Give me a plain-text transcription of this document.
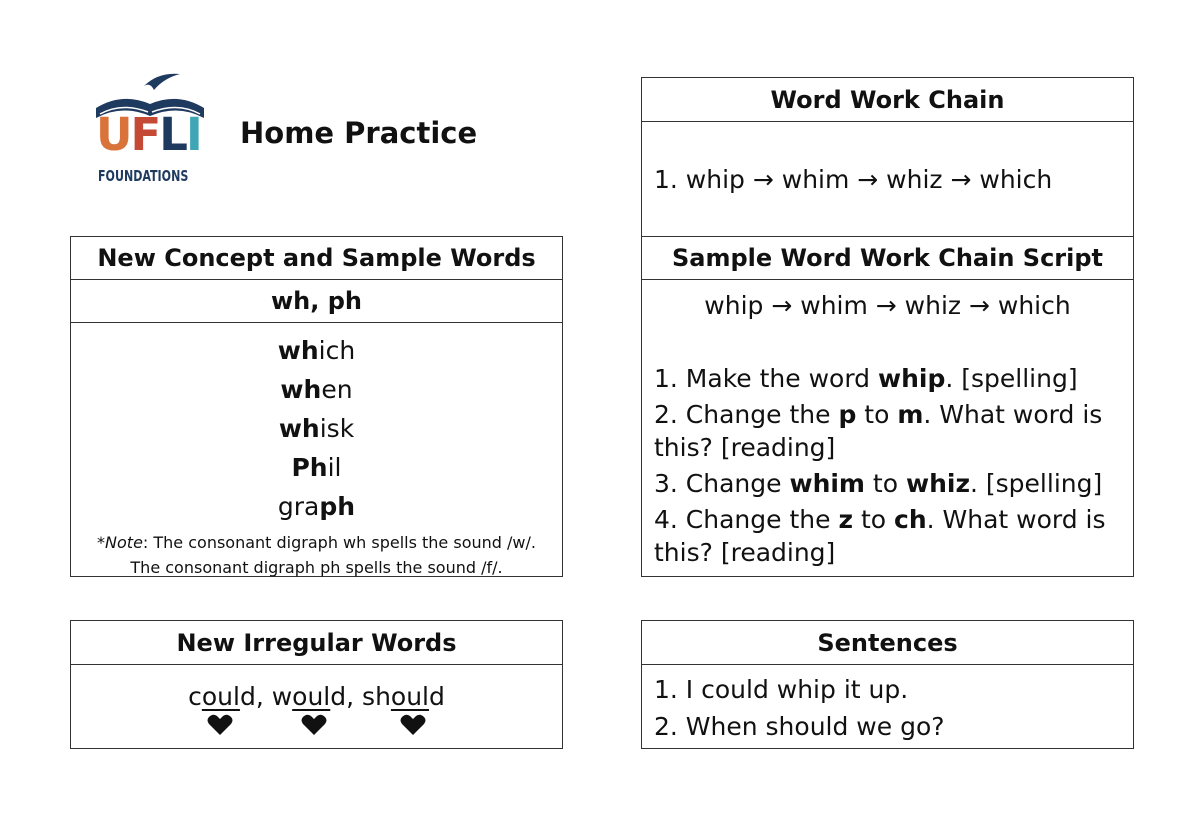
UFLI
FOUNDATIONS
Home Practice
New Concept and Sample Words
wh, ph
which
when
whisk
Phil
graph
*Note: The consonant digraph wh spells the sound /w/.
The consonant digraph ph spells the sound /f/.
New Irregular Words
could, would, should
Word Work Chain
1. whip → whim → whiz → which
Sample Word Work Chain Script
whip → whim → whiz → which
1. Make the word whip. [spelling]
2. Change the p to m. What word is this? [reading]
3. Change whim to whiz. [spelling]
4. Change the z to ch. What word is this? [reading]
Sentences
1. I could whip it up.
2. When should we go?
